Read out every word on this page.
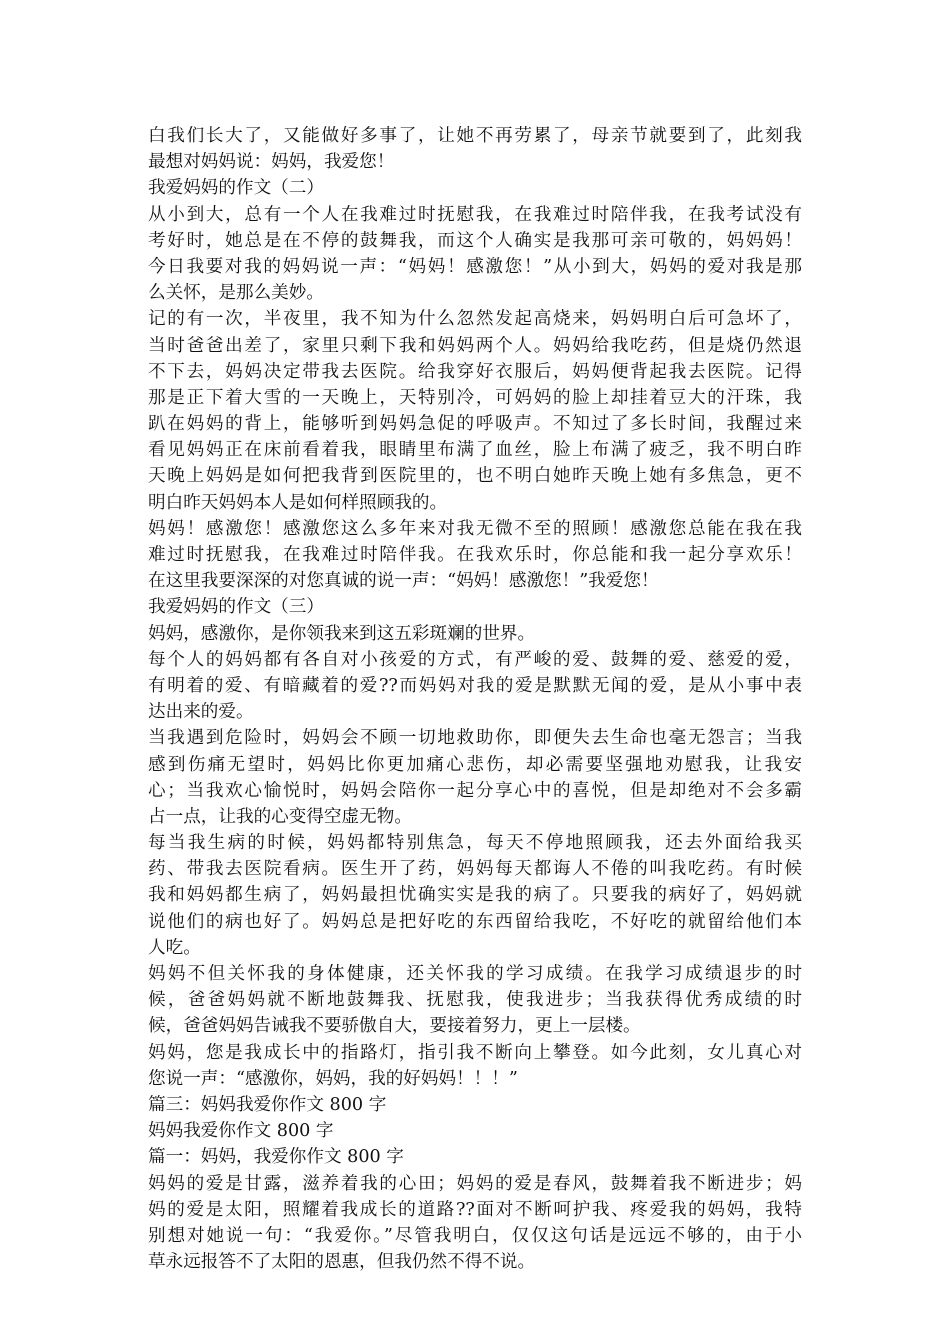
白我们长大了，又能做好多事了，让她不再劳累了，母亲节就要到了，此刻我
最想对妈妈说：妈妈，我爱您！
我爱妈妈的作文（二）
从小到大，总有一个人在我难过时抚慰我，在我难过时陪伴我，在我考试没有
考好时，她总是在不停的鼓舞我，而这个人确实是我那可亲可敬的，妈妈妈！
今日我要对我的妈妈说一声：“妈妈！感激您！”从小到大，妈妈的爱对我是那
么关怀，是那么美妙。
记的有一次，半夜里，我不知为什么忽然发起高烧来，妈妈明白后可急坏了，
当时爸爸出差了，家里只剩下我和妈妈两个人。妈妈给我吃药，但是烧仍然退
不下去，妈妈决定带我去医院。给我穿好衣服后，妈妈便背起我去医院。记得
那是正下着大雪的一天晚上，天特别冷，可妈妈的脸上却挂着豆大的汗珠，我
趴在妈妈的背上，能够听到妈妈急促的呼吸声。不知过了多长时间，我醒过来
看见妈妈正在床前看着我，眼睛里布满了血丝，脸上布满了疲乏，我不明白昨
天晚上妈妈是如何把我背到医院里的，也不明白她昨天晚上她有多焦急，更不
明白昨天妈妈本人是如何样照顾我的。
妈妈！感激您！感激您这么多年来对我无微不至的照顾！感激您总能在我在我
难过时抚慰我，在我难过时陪伴我。在我欢乐时，你总能和我一起分享欢乐！
在这里我要深深的对您真诚的说一声：“妈妈！感激您！”我爱您！
我爱妈妈的作文（三）
妈妈，感激你，是你领我来到这五彩斑斓的世界。
每个人的妈妈都有各自对小孩爱的方式，有严峻的爱、鼓舞的爱、慈爱的爱，
有明着的爱、有暗藏着的爱??而妈妈对我的爱是默默无闻的爱，是从小事中表
达出来的爱。
当我遇到危险时，妈妈会不顾一切地救助你，即便失去生命也毫无怨言；当我
感到伤痛无望时，妈妈比你更加痛心悲伤，却必需要坚强地劝慰我，让我安
心；当我欢心愉悦时，妈妈会陪你一起分享心中的喜悦，但是却绝对不会多霸
占一点，让我的心变得空虚无物。
每当我生病的时候，妈妈都特别焦急，每天不停地照顾我，还去外面给我买
药、带我去医院看病。医生开了药，妈妈每天都诲人不倦的叫我吃药。有时候
我和妈妈都生病了，妈妈最担忧确实实是我的病了。只要我的病好了，妈妈就
说他们的病也好了。妈妈总是把好吃的东西留给我吃，不好吃的就留给他们本
人吃。
妈妈不但关怀我的身体健康，还关怀我的学习成绩。在我学习成绩退步的时
候，爸爸妈妈就不断地鼓舞我、抚慰我，使我进步；当我获得优秀成绩的时
候，爸爸妈妈告诫我不要骄傲自大，要接着努力，更上一层楼。
妈妈，您是我成长中的指路灯，指引我不断向上攀登。如今此刻，女儿真心对
您说一声：“感激你，妈妈，我的好妈妈！！！”
篇三：妈妈我爱你作文 800 字
妈妈我爱你作文 800 字
篇一：妈妈，我爱你作文 800 字
妈妈的爱是甘露，滋养着我的心田；妈妈的爱是春风，鼓舞着我不断进步；妈
妈的爱是太阳，照耀着我成长的道路??面对不断呵护我、疼爱我的妈妈，我特
别想对她说一句：“我爱你。”尽管我明白，仅仅这句话是远远不够的，由于小
草永远报答不了太阳的恩惠，但我仍然不得不说。
